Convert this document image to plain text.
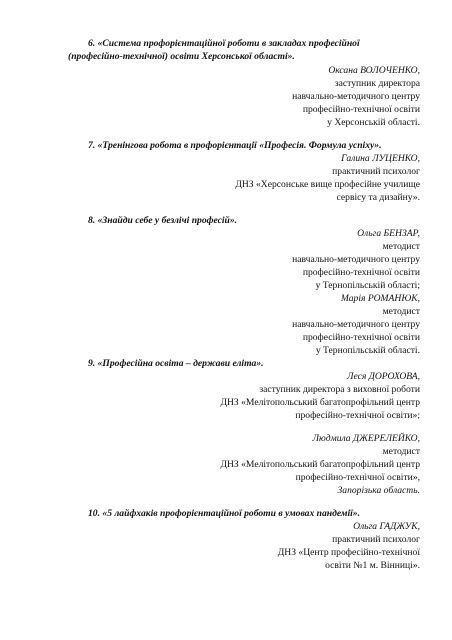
6. «Система профорієнтаційної роботи в закладах професійної
(професійно-технічної) освіти Херсонської області».
Оксана ВОЛОЧЕНКО,
заступник директора
навчально-методичного центру
професійно-технічної освіти
у Херсонській області.
7. «Тренінгова робота в профорієнтації «Професія. Формула успіху».
Галина ЛУЦЕНКО,
практичний психолог
ДНЗ «Херсонське вище професійне училище
сервісу та дизайну».
8. «Знайди себе у безлічі професій».
Ольга БЕНЗАР,
методист
навчально-методичного центру
професійно-технічної освіти
у Тернопільській області;
Марія РОМАНЮК,
методист
навчально-методичного центру
професійно-технічної освіти
у Тернопільській області.
9. «Професійна освіта – держави еліта».
Леся ДОРОХОВА,
заступник директора з виховної роботи
ДНЗ «Мелітопольський багатопрофільний центр
професійно-технічної освіти»;
Людмила ДЖЕРЕЛЕЙКО,
методист
ДНЗ «Мелітопольський багатопрофільний центр
професійно-технічної освіти»,
Запорізька область.
10. «5 лайфхаків профорієнтаційної роботи в умовах пандемії».
Ольга ГАДЖУК,
практичний психолог
ДНЗ «Центр професійно-технічної
освіти №1 м. Вінниці».
